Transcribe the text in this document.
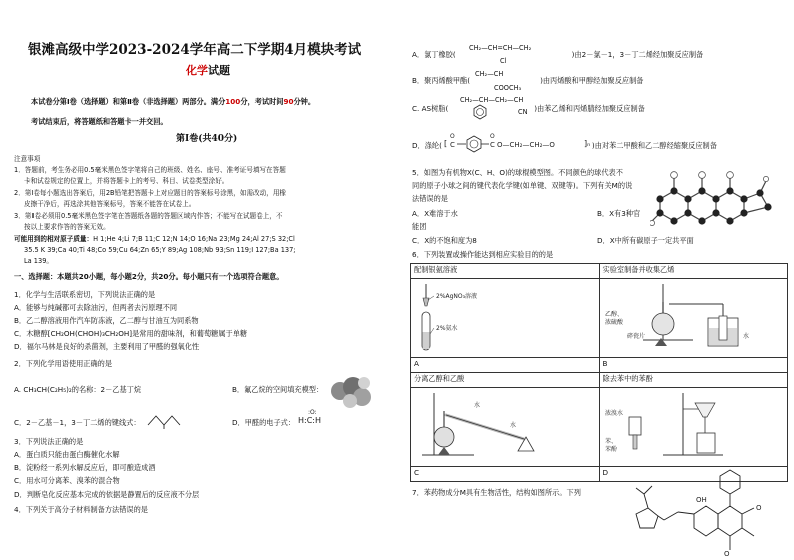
银滩高级中学2023-2024学年高二下学期4月模块考试
化学试题
本试卷分第Ⅰ卷（选择题）和第Ⅱ卷（非选择题）两部分。满分100分，考试时间90分钟。
考试结束后，将答题纸和答题卡一并交回。
第Ⅰ卷(共40分)
注意事项
1．答题前，考生务必用0.5毫米黑色签字笔将自己的班级、姓名、座号、准考证号填写在答题
卡和试卷规定的位置上，并将答题卡上的考号、科目、试卷类型涂好。
2．第Ⅰ卷每小题选出答案后，用2B铅笔把答题卡上对应题目的答案标号涂黑，如需改动，用橡
皮擦干净后，再选涂其他答案标号，答案不能答在试卷上。
3．第Ⅱ卷必须用0.5毫米黑色签字笔在答题纸各题的答题区域内作答；不能写在试题卷上，不
按以上要求作答的答案无效。
可能用到的相对原子质量：H 1;He 4;Li 7;B 11;C 12;N 14;O 16;Na 23;Mg 24;Al 27;S 32;Cl
35.5 K 39;Ca 40;Ti 48;Co 59;Cu 64;Zn 65;Y 89;Ag 108;Nb 93;Sn 119;I 127;Ba 137;
La 139。
一、选择题：本题共20小题，每小题2分，共20分。每小题只有一个选项符合题意。
1．化学与生活联系密切，下列说法正确的是
A．能够与纯碱都可去除油污，但两者去污原理不同
B．乙二醇溶液用作汽车防冻液，乙二醇与甘油互为同系物
C．木糖醇[CH₂OH(CHOH)₃CH₂OH]是常用的甜味剂，和葡萄糖属于单糖
D．福尔马林是良好的杀菌剂，主要利用了甲醛的强氧化性
2．下列化学用语使用正确的是
A. CH₃CH(C₂H₅)₂的名称：2－乙基丁烷	B．氟乙烷的空间填充模型：
C．2－乙基－1，3－丁二烯的键线式：	D．甲醛的电子式： H:C:H
:O:
3．下列说法正确的是
A．蛋白质只能由蛋白酶催化水解
B．淀粉经一系列水解反应后，即可酿造成酒
C．用水可分离苯、溴苯的混合物
D．判断皂化反应基本完成的依据是静置后的反应液不分层
4．下列关于高分子材料制备方法错误的是
A．氯丁橡胶(	)由2－氯－1，3－丁二烯经加聚反应制备
CH₂—CH=CH—CH₂
Cl
B．聚丙烯酸甲酯(	)由丙烯酸和甲醇经加聚反应制备
CH₂—CH
COOCH₃
C. AS树脂(	)由苯乙烯和丙烯腈经加聚反应制备
CH₂—CH—CH₂—CH
CN
D．涤纶(	)由对苯二甲酸和乙二醇经缩聚反应制备
[
O
C
O
C O—CH₂—CH₂—O	]ₙ
5．如图为有机物X(C、H、O)的球棍模型图。不同颜色的球代表不
同的原子小球之间的键代表化学键(如单键、双键等)。下列有关M的说
法错误的是
A．X难溶于水	B．X有3种官
能团
C．X的不饱和度为8	D．X中所有碳原子一定共平面
6．下列装置或操作能达到相应实验目的的是
配制银氨溶液	实验室制备并收集乙烯

2%AgNO₃溶液
2%氨水	乙醇、
浓硫酸
碎瓷片 水

A	B
分离乙醇和乙酸	除去苯中的苯酚

水
水	浓溴水
苯、
苯酚

C	D
7．苯药物成分M具有生物活性，结构如图所示。下列
OH
O
O
